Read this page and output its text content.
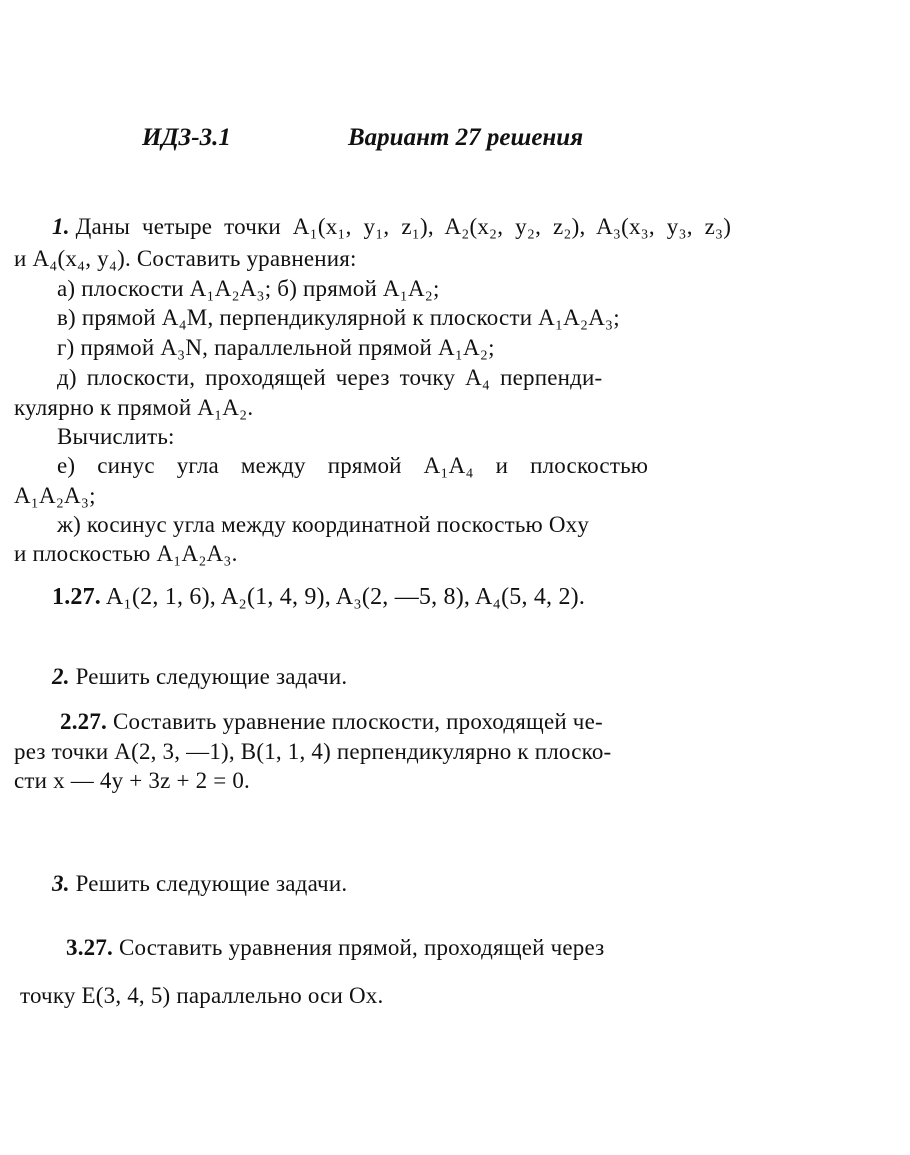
ИДЗ-3.1	Вариант 27 решения
1. Даны четыре точки A₁(x₁, y₁, z₁), A₂(x₂, y₂, z₂), A₃(x₃, y₃, z₃)
и A₄(x₄, y₄). Составить уравнения:
а) плоскости A₁A₂A₃; б) прямой A₁A₂;
в) прямой A₄M, перпендикулярной к плоскости A₁A₂A₃;
г) прямой A₃N, параллельной прямой A₁A₂;
д) плоскости, проходящей через точку A₄ перпенди-
кулярно к прямой A₁A₂.
Вычислить:
е) синус угла между прямой A₁A₄ и плоскостью
A₁A₂A₃;
ж) косинус угла между координатной поскостью Oxy
и плоскостью A₁A₂A₃.
1.27. A₁(2, 1, 6), A₂(1, 4, 9), A₃(2, —5, 8), A₄(5, 4, 2).
2. Решить следующие задачи.
2.27. Составить уравнение плоскости, проходящей че-
рез точки A(2, 3, —1), B(1, 1, 4) перпендикулярно к плоско-
сти x — 4y + 3z + 2 = 0.
3. Решить следующие задачи.
3.27. Составить уравнения прямой, проходящей через
точку E(3, 4, 5) параллельно оси Ox.
